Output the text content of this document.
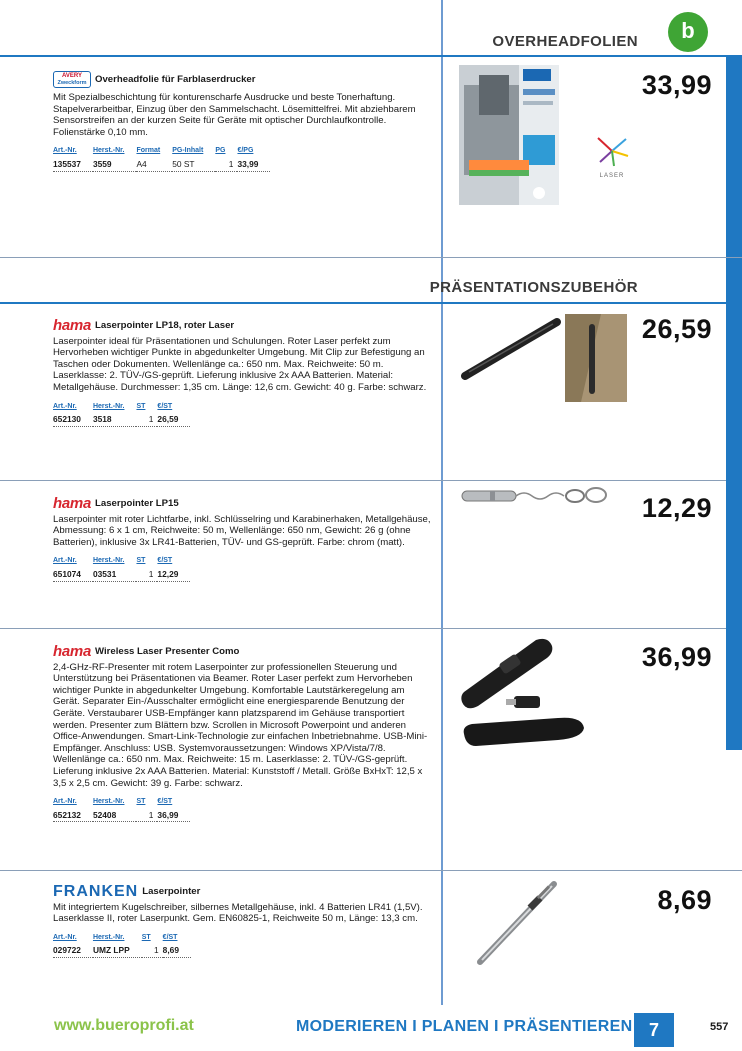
OVERHEADFOLIEN	b
PRÄSENTATIONSZUBEHÖR
AVERY
Zweckform Overheadfolie für Farblaserdrucker

Mit Spezialbeschichtung für konturenscharfe Ausdrucke und beste Tonerhaftung. Stapelverarbeitbar, Einzug über den Sammelschacht. Lösemittelfrei. Mit abziehbarem Sensorstreifen an der kurzen Seite für Geräte mit optischer Durchlaufkontrolle. Folienstärke 0,10 mm.

Art.-Nr.	Herst.-Nr.	Format	PG-Inhalt	PG	€/PG
135537	3559	A4	50 ST	1	33,99
33,99
LASER
hama Laserpointer LP18, roter Laser

Laserpointer ideal für Präsentationen und Schulungen. Roter Laser perfekt zum Hervorheben wichtiger Punkte in abgedunkelter Umgebung. Mit Clip zur Befestigung an Taschen oder Dokumenten. Wellenlänge ca.: 650 nm. Max. Reichweite: 50 m. Laserklasse: 2. TÜV-/GS-geprüft. Lieferung inklusive 2x AAA Batterien. Material: Metallgehäuse. Durchmesser: 1,35 cm. Länge: 12,6 cm. Gewicht: 40 g. Farbe: schwarz.

Art.-Nr.	Herst.-Nr.	ST	€/ST
652130	3518	1	26,59
26,59
hama Laserpointer LP15

Laserpointer mit roter Lichtfarbe, inkl. Schlüsselring und Karabinerhaken, Metallgehäuse, Abmessung: 6 x 1 cm, Reichweite: 50 m, Wellenlänge: 650 nm, Gewicht: 26 g (ohne Batterien), inklusive 3x LR41-Batterien, TÜV- und GS-geprüft. Farbe: chrom (matt).

Art.-Nr.	Herst.-Nr.	ST	€/ST
651074	03531	1	12,29
12,29
hama Wireless Laser Presenter Como

2,4-GHz-RF-Presenter mit rotem Laserpointer zur professionellen Steuerung und Unterstützung bei Präsentationen via Beamer. Roter Laser perfekt zum Hervorheben wichtiger Punkte in abgedunkelter Umgebung. Komfortable Lautstärkeregelung am Gerät. Separater Ein-/Ausschalter ermöglicht eine energiesparende Benutzung der Geräte. Verstaubarer USB-Empfänger kann platzsparend im Gehäuse transportiert werden. Presenter zum Blättern bzw. Scrollen in Microsoft Powerpoint und anderen Office-Anwendungen. Smart-Link-Technologie zur einfachen Inbetriebnahme. USB-Mini-Empfänger. Anschluss: USB. Systemvoraussetzungen: Windows XP/Vista/7/8. Wellenlänge ca.: 650 nm. Max. Reichweite: 15 m. Laserklasse: 2. TÜV-/GS-geprüft. Lieferung inklusive 2x AAA Batterien. Material: Kunststoff / Metall. Größe BxHxT: 12,5 x 3,5 x 2,5 cm. Gewicht: 39 g. Farbe: schwarz.

Art.-Nr.	Herst.-Nr.	ST	€/ST
652132	52408	1	36,99
36,99
FRANKEN Laserpointer

Mit integriertem Kugelschreiber, silbernes Metallgehäuse, inkl. 4 Batterien LR41 (1,5V). Laserklasse II, roter Laserpunkt. Gem. EN60825-1, Reichweite 50 m, Länge: 13,3 cm.

Art.-Nr.	Herst.-Nr.	ST	€/ST
029722	UMZ LPP	1	8,69
8,69
www.bueroprofi.at	MODERIEREN I PLANEN I PRÄSENTIEREN 7	557
